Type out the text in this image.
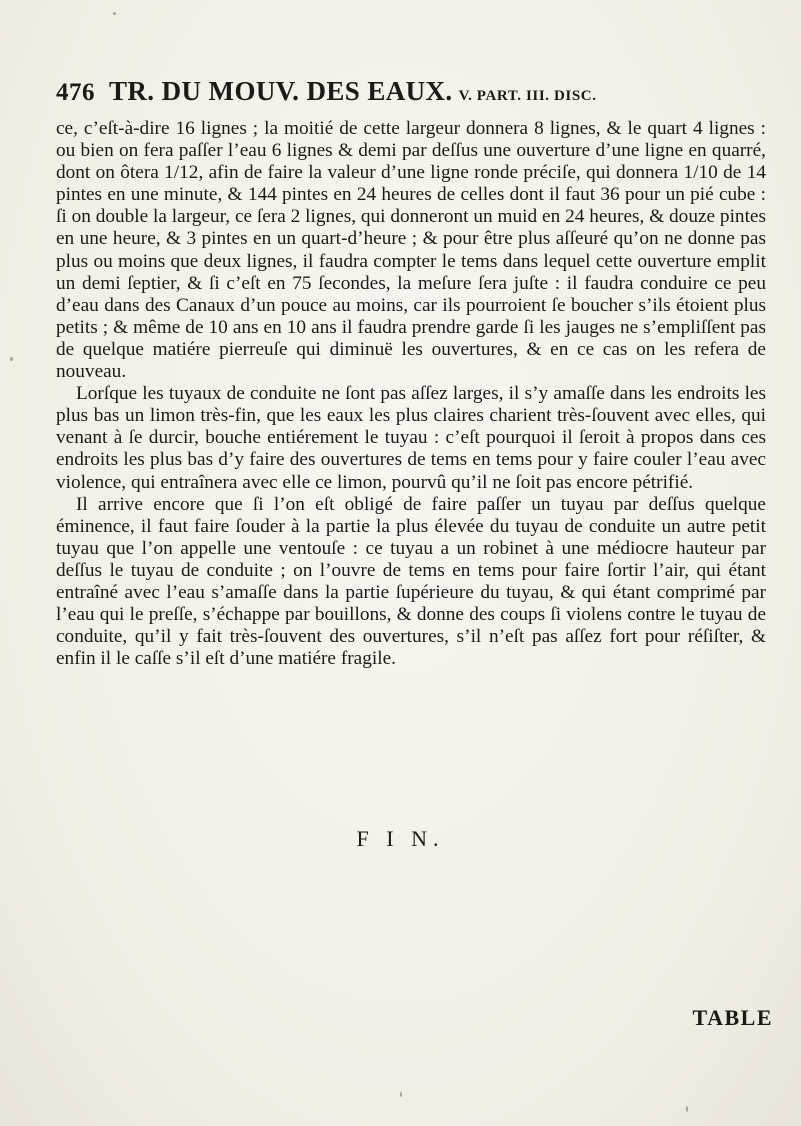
476 TR. DU MOUV. DES EAUX. V. PART. III. DISC.

ce, c’eſt-à-dire 16 lignes ; la moitié de cette largeur donnera 8 lignes, & le quart 4 lignes : ou bien on fera paſſer l’eau 6 lignes & demi par deſſus une ouverture d’une ligne en quarré, dont on ôtera 1/12, afin de faire la valeur d’une ligne ronde préciſe, qui donnera 1/10 de 14 pintes en une minute, & 144 pintes en 24 heures de celles dont il faut 36 pour un pié cube : ſi on double la largeur, ce ſera 2 lignes, qui donneront un muid en 24 heures, & douze pintes en une heure, & 3 pintes en un quart-d’heure ; & pour être plus aſſeuré qu’on ne donne pas plus ou moins que deux lignes, il faudra compter le tems dans lequel cette ouverture emplit un demi ſeptier, & ſi c’eſt en 75 ſecondes, la meſure ſera juſte : il faudra conduire ce peu d’eau dans des Canaux d’un pouce au moins, car ils pourroient ſe boucher s’ils étoient plus petits ; & même de 10 ans en 10 ans il faudra prendre garde ſi les jauges ne s’empliſſent pas de quelque matiére pierreuſe qui diminuë les ouvertures, & en ce cas on les refera de nouveau.

Lorſque les tuyaux de conduite ne ſont pas aſſez larges, il s’y amaſſe dans les endroits les plus bas un limon très-fin, que les eaux les plus claires charient très-ſouvent avec elles, qui venant à ſe durcir, bouche entiérement le tuyau : c’eſt pourquoi il ſeroit à propos dans ces endroits les plus bas d’y faire des ouvertures de tems en tems pour y faire couler l’eau avec violence, qui entraînera avec elle ce limon, pourvû qu’il ne ſoit pas encore pétrifié.

Il arrive encore que ſi l’on eſt obligé de faire paſſer un tuyau par deſſus quelque éminence, il faut faire ſouder à la partie la plus élevée du tuyau de conduite un autre petit tuyau que l’on appelle une ventouſe : ce tuyau a un robinet à une médiocre hauteur par deſſus le tuyau de conduite ; on l’ouvre de tems en tems pour faire ſortir l’air, qui étant entraîné avec l’eau s’amaſſe dans la partie ſupérieure du tuyau, & qui étant comprimé par l’eau qui le preſſe, s’échappe par bouillons, & donne des coups ſi violens contre le tuyau de conduite, qu’il y fait très-ſouvent des ouvertures, s’il n’eſt pas aſſez fort pour réſiſter, & enfin il le caſſe s’il eſt d’une matiére fragile.

F I N.
TABLE
